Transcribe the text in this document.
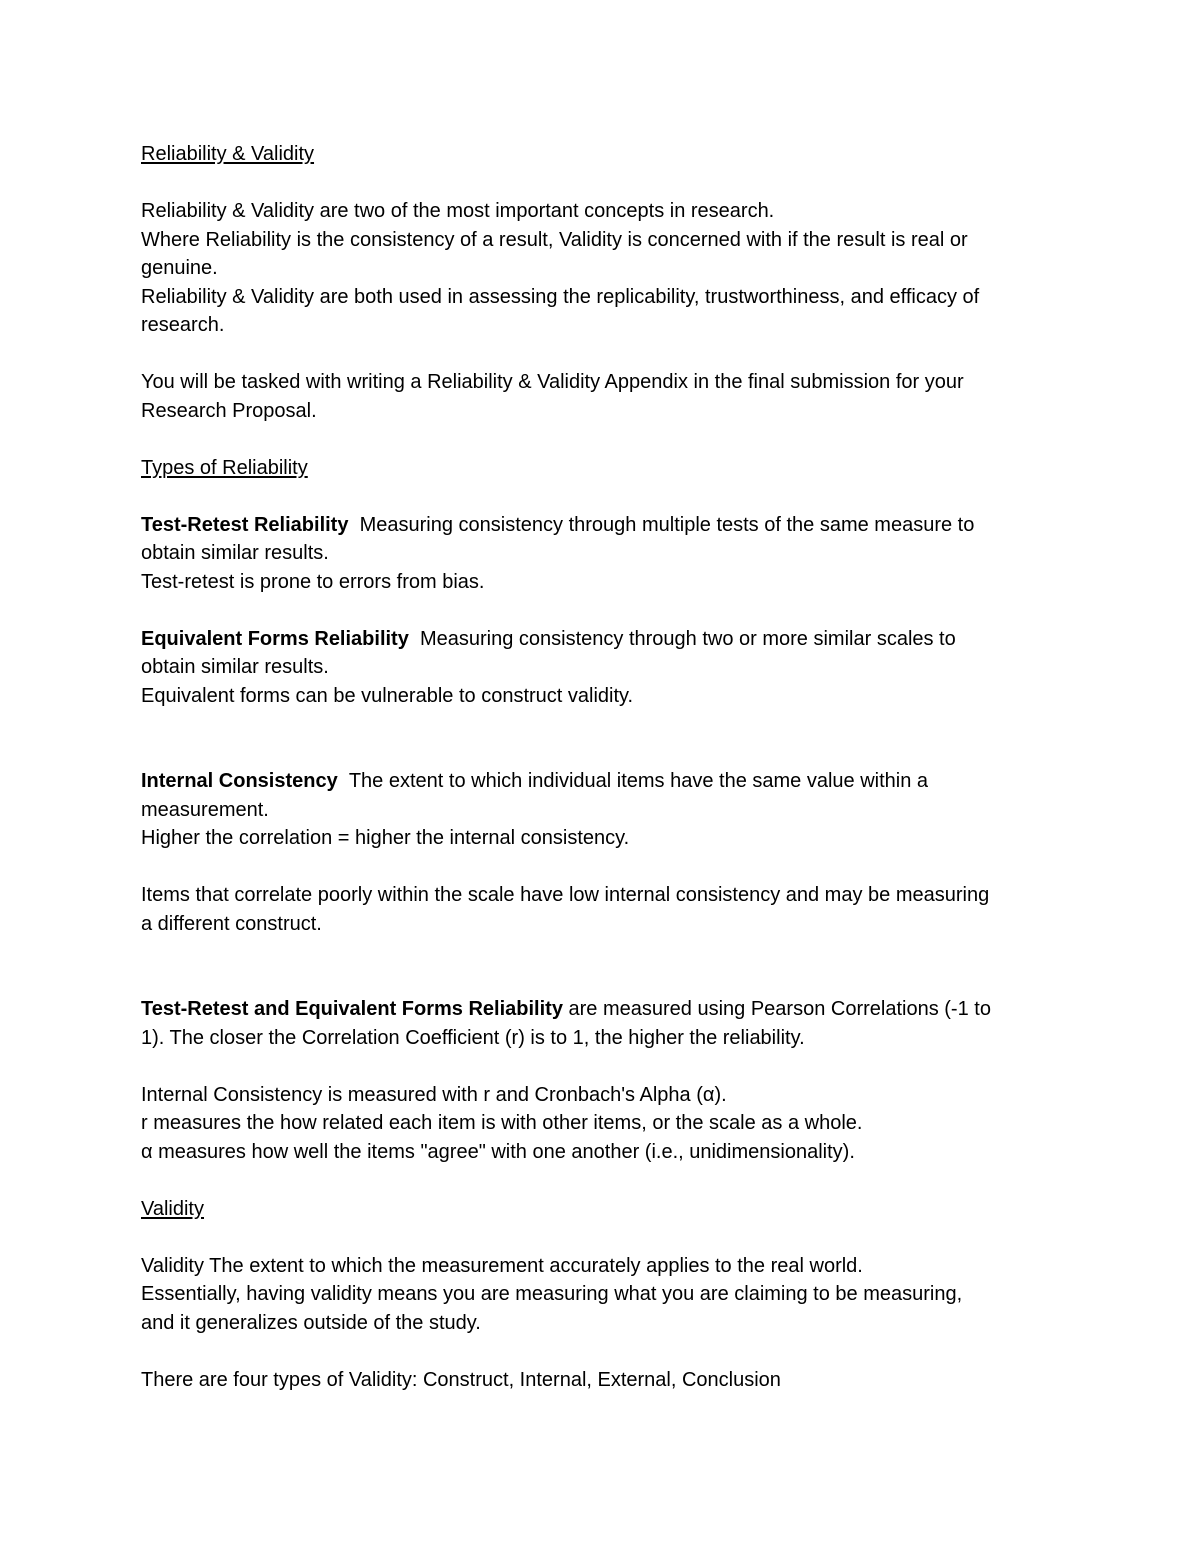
Reliability & Validity
Reliability & Validity are two of the most important concepts in research.
Where Reliability is the consistency of a result, Validity is concerned with if the result is real or
genuine.
Reliability & Validity are both used in assessing the replicability, trustworthiness, and efficacy of
research.
You will be tasked with writing a Reliability & Validity Appendix in the final submission for your
Research Proposal.
Types of Reliability
Test-Retest Reliability Measuring consistency through multiple tests of the same measure to
obtain similar results.
Test-retest is prone to errors from bias.
Equivalent Forms Reliability Measuring consistency through two or more similar scales to
obtain similar results.
Equivalent forms can be vulnerable to construct validity.
Internal Consistency The extent to which individual items have the same value within a
measurement.
Higher the correlation = higher the internal consistency.
Items that correlate poorly within the scale have low internal consistency and may be measuring
a different construct.
Test-Retest and Equivalent Forms Reliability are measured using Pearson Correlations (-1 to
1). The closer the Correlation Coefficient (r) is to 1, the higher the reliability.
Internal Consistency is measured with r and Cronbach's Alpha (α).
r measures the how related each item is with other items, or the scale as a whole.
α measures how well the items "agree" with one another (i.e., unidimensionality).
Validity
Validity The extent to which the measurement accurately applies to the real world.
Essentially, having validity means you are measuring what you are claiming to be measuring,
and it generalizes outside of the study.
There are four types of Validity: Construct, Internal, External, Conclusion
